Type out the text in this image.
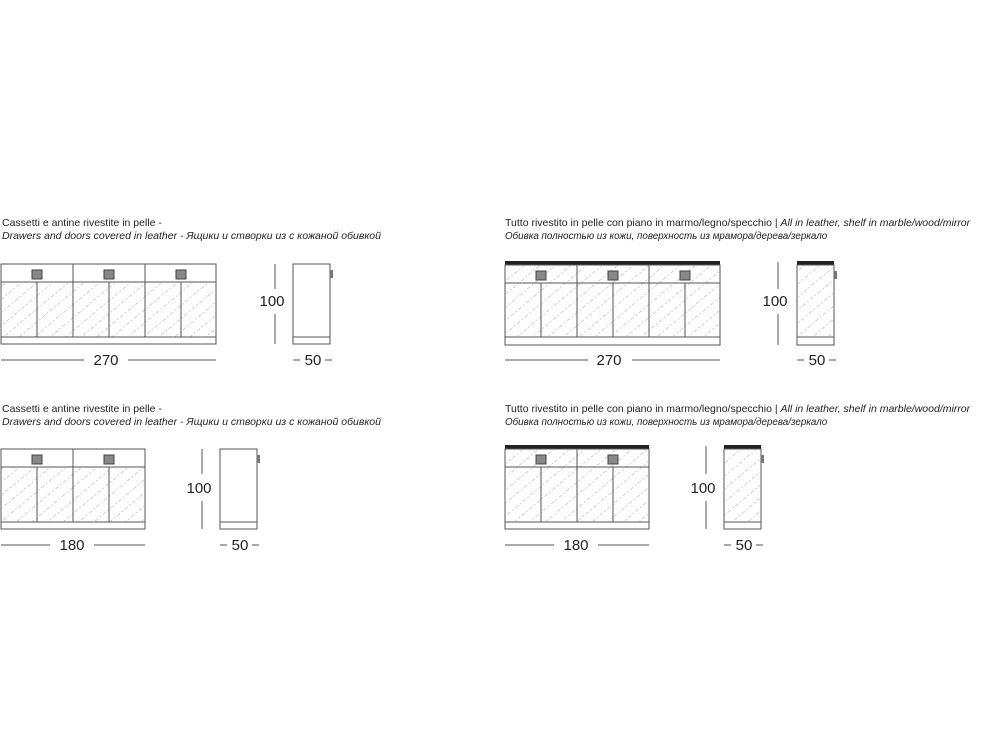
Cassetti e antine rivestite in pelle -
Drawers and doors covered in leather - Ящики и створки из с кожаной обивкой
Tutto rivestito in pelle con piano in marmo/legno/specchio | All in leather, shelf in marble/wood/mirror
Обивка полностью из кожи, поверхность из мрамора/дерева/зеркало
Cassetti e antine rivestite in pelle -
Drawers and doors covered in leather - Ящики и створки из с кожаной обивкой
Tutto rivestito in pelle con piano in marmo/legno/specchio | All in leather, shelf in marble/wood/mirror
Обивка полностью из кожи, поверхность из мрамора/дерева/зеркало
270
100
50	270
100
50
180
100
50	180
100
50
